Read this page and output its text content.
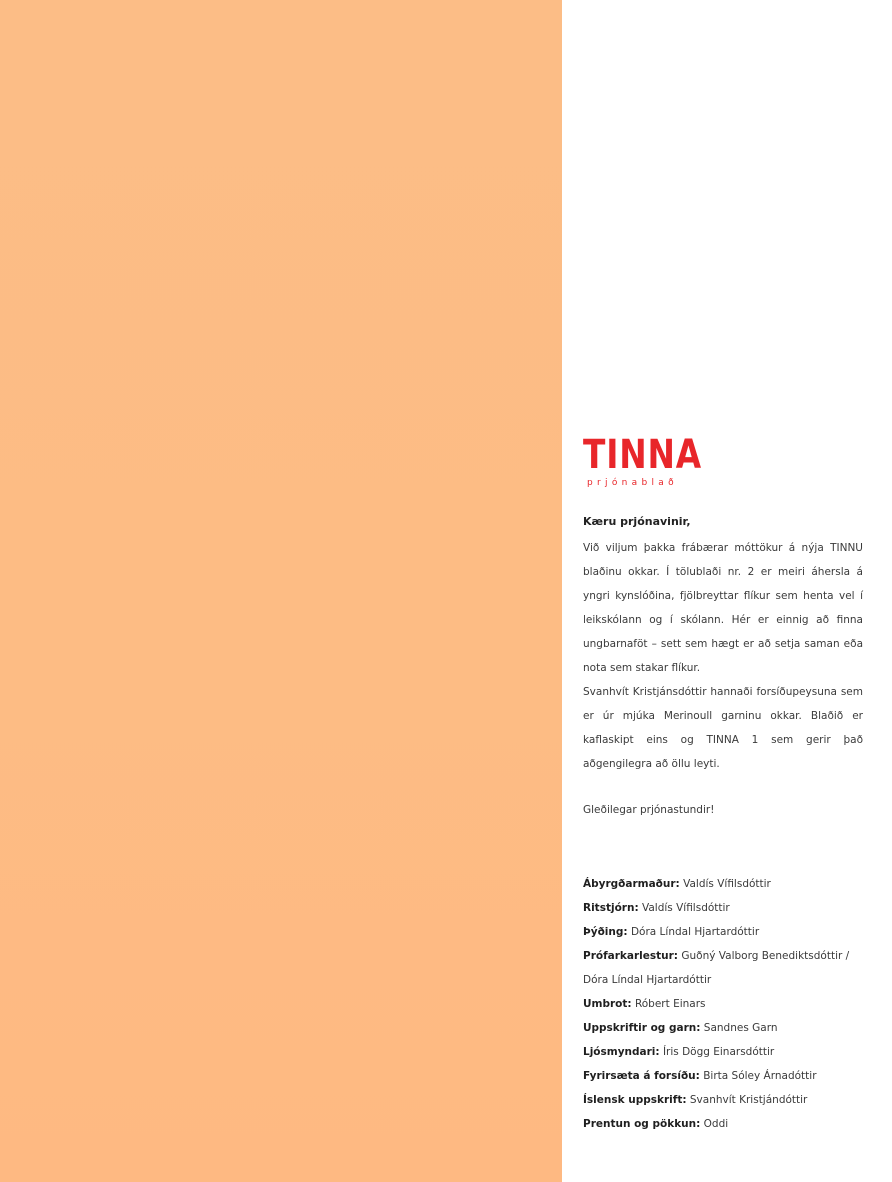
TINNA
prjónablað

Kæru prjónavinir,

Við viljum þakka frábærar móttökur á nýja TINNU blaðinu okkar. Í tölublaði nr. 2 er meiri áhersla á yngri kynslóðina, fjölbreyttar flíkur sem henta vel í leikskólann og í skólann. Hér er einnig að finna ungbarnaföt – sett sem hægt er að setja saman eða nota sem stakar flíkur.
Svanhvít Kristjánsdóttir hannaði forsíðupeysuna sem er úr mjúka Merinoull garninu okkar. Blaðið er kaflaskipt eins og TINNA 1 sem gerir það aðgengilegra að öllu leyti.

Gleðilegar prjónastundir!

Ábyrgðarmaður: Valdís Vífilsdóttir
Ritstjórn: Valdís Vífilsdóttir
Þýðing: Dóra Líndal Hjartardóttir
Prófarkarlestur: Guðný Valborg Benediktsdóttir / Dóra Líndal Hjartardóttir
Umbrot: Róbert Einars
Uppskriftir og garn: Sandnes Garn
Ljósmyndari: Íris Dögg Einarsdóttir
Fyrirsæta á forsíðu: Birta Sóley Árnadóttir
Íslensk uppskrift: Svanhvít Kristjándóttir
Prentun og pökkun: Oddi
